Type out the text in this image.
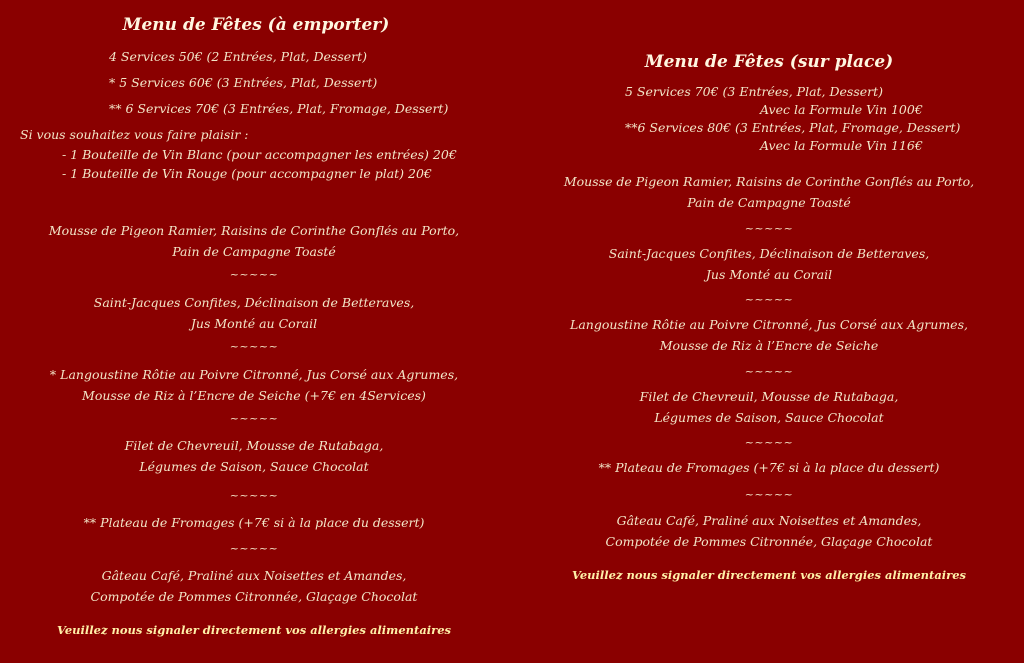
Menu de Fêtes (à emporter)
4 Services 50€ (2 Entrées, Plat, Dessert)
* 5 Services 60€ (3 Entrées, Plat, Dessert)
** 6 Services 70€ (3 Entrées, Plat, Fromage, Dessert)
Si vous souhaitez vous faire plaisir :
- 1 Bouteille de Vin Blanc (pour accompagner les entrées) 20€
- 1 Bouteille de Vin Rouge (pour accompagner le plat) 20€
Mousse de Pigeon Ramier, Raisins de Corinthe Gonflés au Porto,
Pain de Campagne Toasté
~~~~~
Saint-Jacques Confites, Déclinaison de Betteraves,
Jus Monté au Corail
~~~~~
* Langoustine Rôtie au Poivre Citronné, Jus Corsé aux Agrumes,
Mousse de Riz à l’Encre de Seiche (+7€ en 4Services)
~~~~~
Filet de Chevreuil, Mousse de Rutabaga,
Légumes de Saison, Sauce Chocolat
~~~~~
** Plateau de Fromages (+7€ si à la place du dessert)
~~~~~
Gâteau Café, Praliné aux Noisettes et Amandes,
Compotée de Pommes Citronnée, Glaçage Chocolat
Veuillez nous signaler directement vos allergies alimentaires
Menu de Fêtes (sur place)
5 Services 70€ (3 Entrées, Plat, Dessert)
Avec la Formule Vin 100€
**6 Services 80€ (3 Entrées, Plat, Fromage, Dessert)
Avec la Formule Vin 116€
Mousse de Pigeon Ramier, Raisins de Corinthe Gonflés au Porto,
Pain de Campagne Toasté
~~~~~
Saint-Jacques Confites, Déclinaison de Betteraves,
Jus Monté au Corail
~~~~~
Langoustine Rôtie au Poivre Citronné, Jus Corsé aux Agrumes,
Mousse de Riz à l’Encre de Seiche
~~~~~
Filet de Chevreuil, Mousse de Rutabaga,
Légumes de Saison, Sauce Chocolat
~~~~~
** Plateau de Fromages (+7€ si à la place du dessert)
~~~~~
Gâteau Café, Praliné aux Noisettes et Amandes,
Compotée de Pommes Citronnée, Glaçage Chocolat
Veuillez nous signaler directement vos allergies alimentaires
